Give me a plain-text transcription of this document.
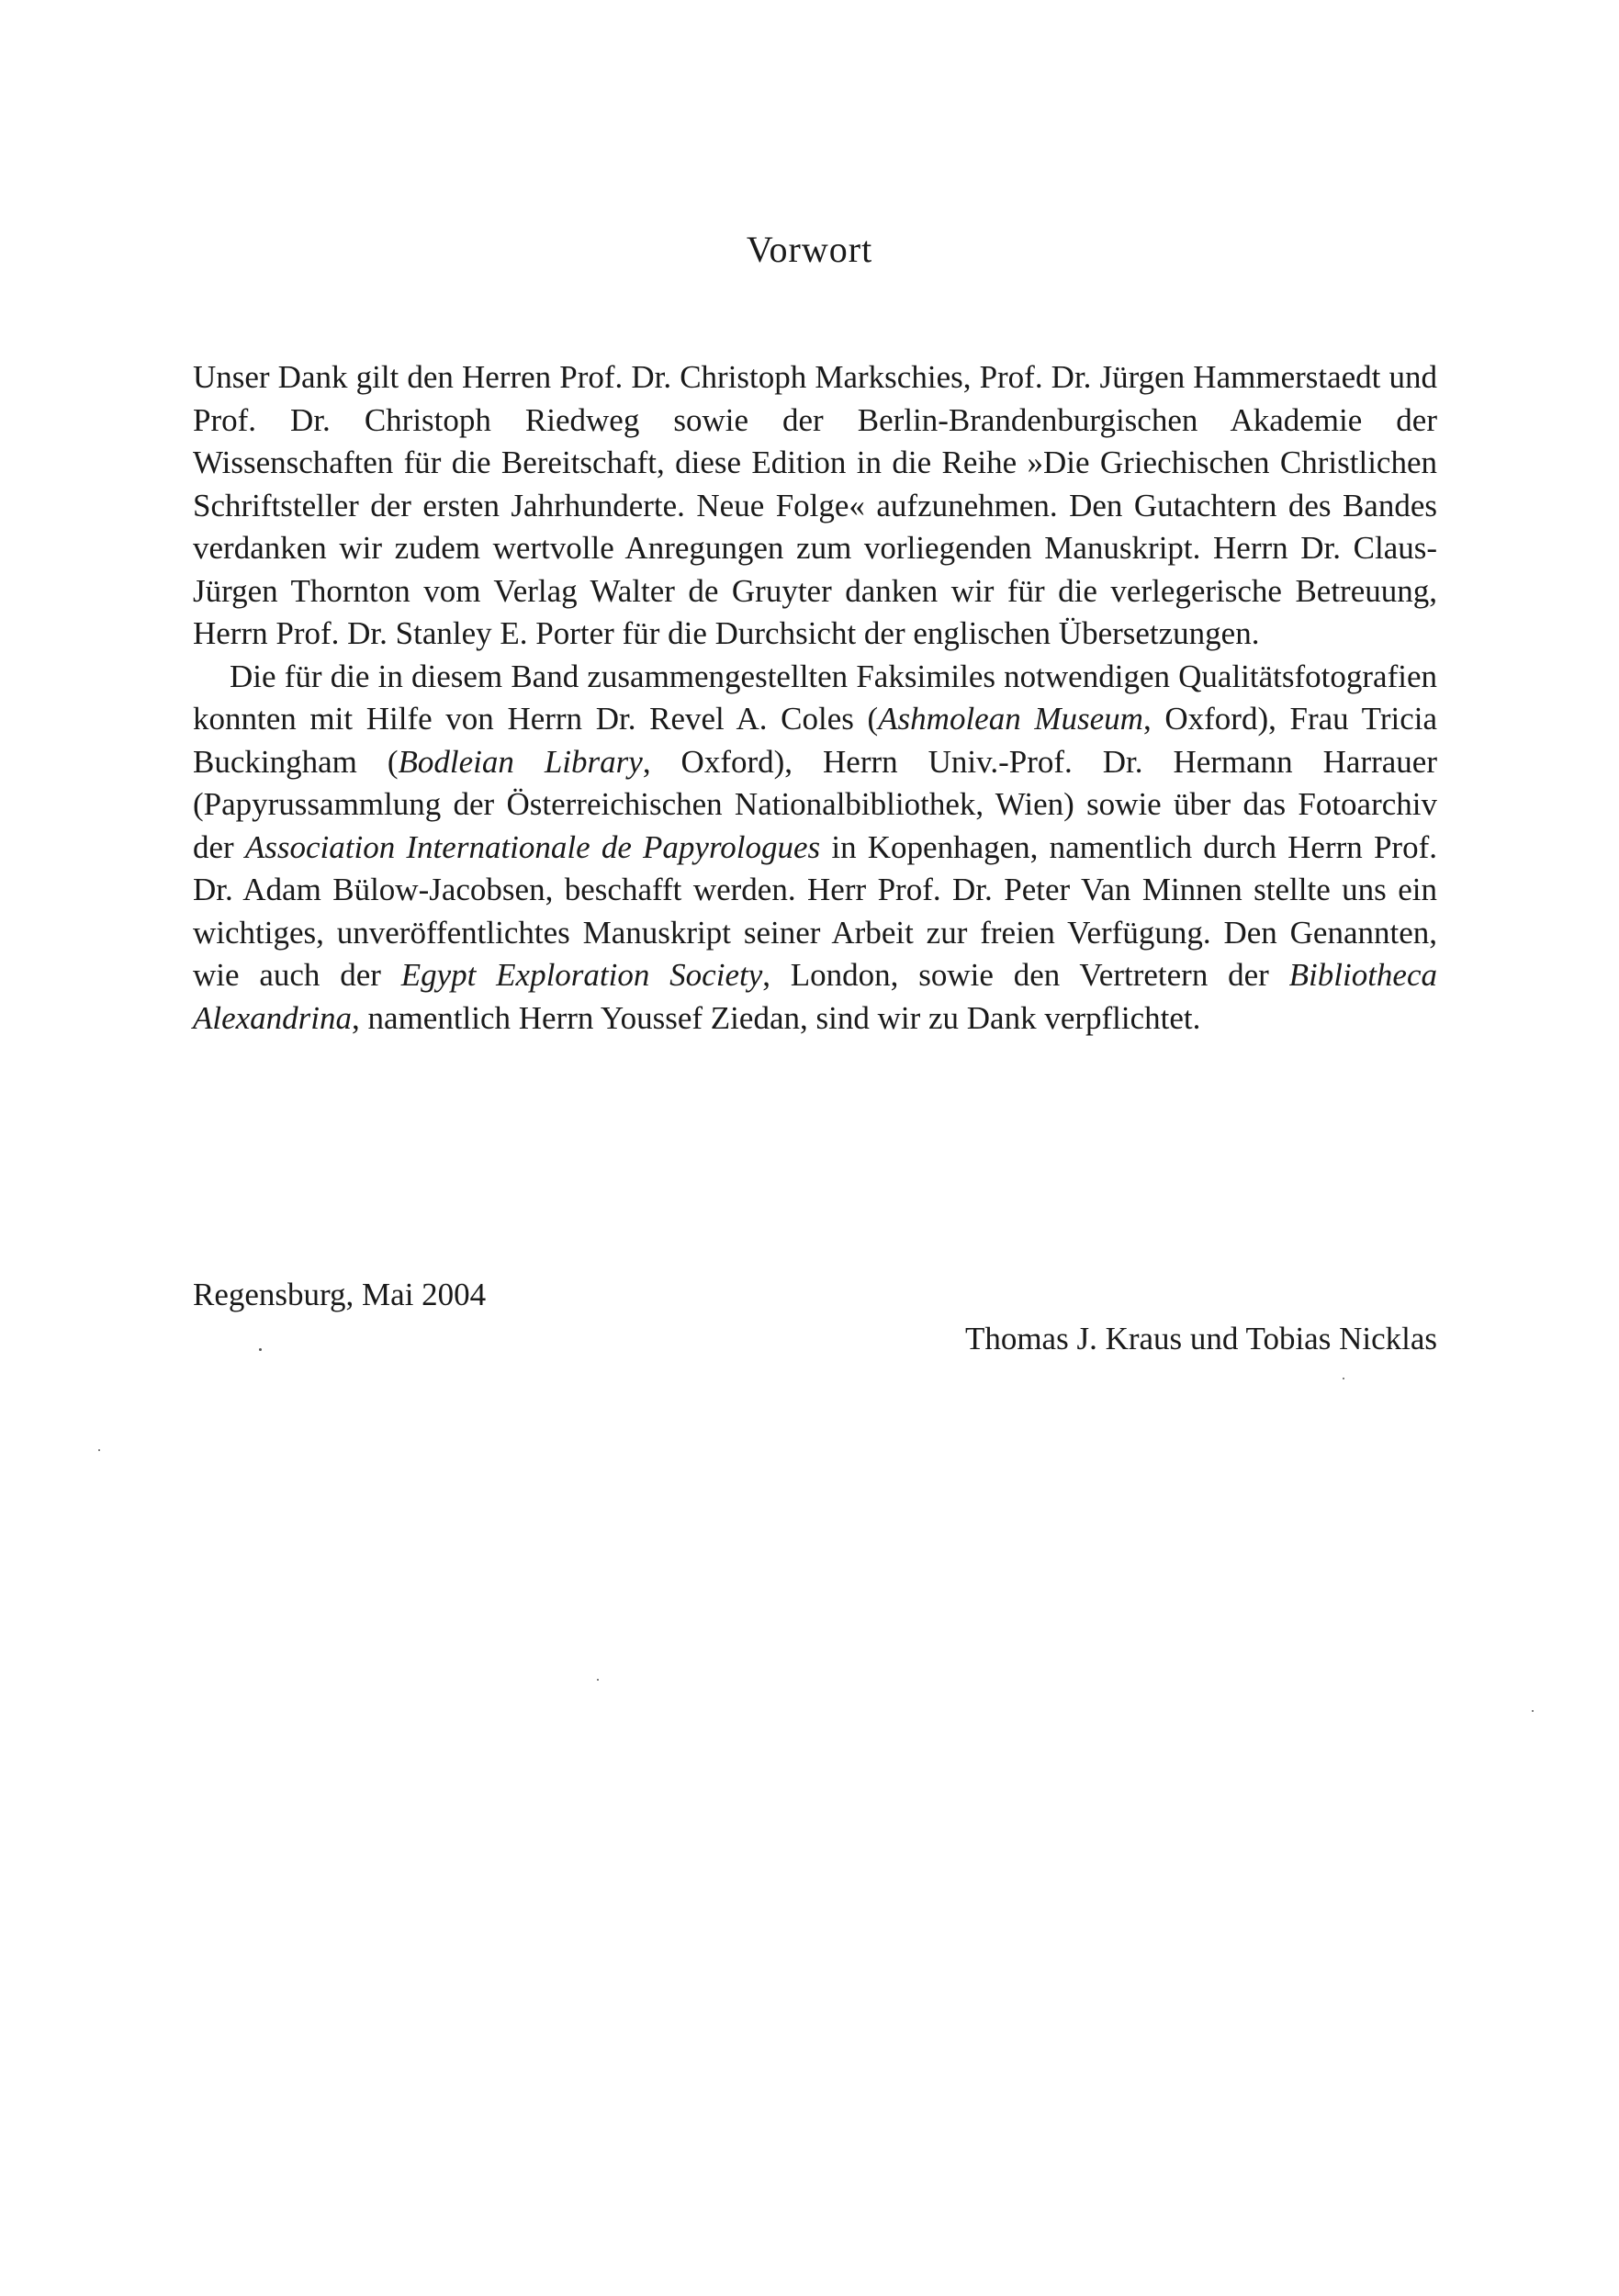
Vorwort

Unser Dank gilt den Herren Prof. Dr. Christoph Markschies, Prof. Dr. Jürgen Hammerstaedt und Prof. Dr. Christoph Riedweg sowie der Berlin-Brandenburgischen Akademie der Wissenschaften für die Bereitschaft, diese Edition in die Reihe »Die Griechischen Christlichen Schriftsteller der ersten Jahrhunderte. Neue Folge« aufzunehmen. Den Gutachtern des Bandes verdanken wir zudem wertvolle Anregungen zum vorliegenden Manuskript. Herrn Dr. Claus-Jürgen Thornton vom Verlag Walter de Gruyter danken wir für die verlegerische Betreuung, Herrn Prof. Dr. Stanley E. Porter für die Durchsicht der englischen Übersetzungen.

Die für die in diesem Band zusammengestellten Faksimiles notwendigen Qualitätsfotografien konnten mit Hilfe von Herrn Dr. Revel A. Coles (Ashmolean Museum, Oxford), Frau Tricia Buckingham (Bodleian Library, Oxford), Herrn Univ.-Prof. Dr. Hermann Harrauer (Papyrussammlung der Österreichischen Nationalbibliothek, Wien) sowie über das Fotoarchiv der Association Internationale de Papyrologues in Kopenhagen, namentlich durch Herrn Prof. Dr. Adam Bülow-Jacobsen, beschafft werden. Herr Prof. Dr. Peter Van Minnen stellte uns ein wichtiges, unveröffentlichtes Manuskript seiner Arbeit zur freien Verfügung. Den Genannten, wie auch der Egypt Exploration Society, London, sowie den Vertretern der Bibliotheca Alexandrina, namentlich Herrn Youssef Ziedan, sind wir zu Dank verpflichtet.

Regensburg, Mai 2004
Thomas J. Kraus und Tobias Nicklas
